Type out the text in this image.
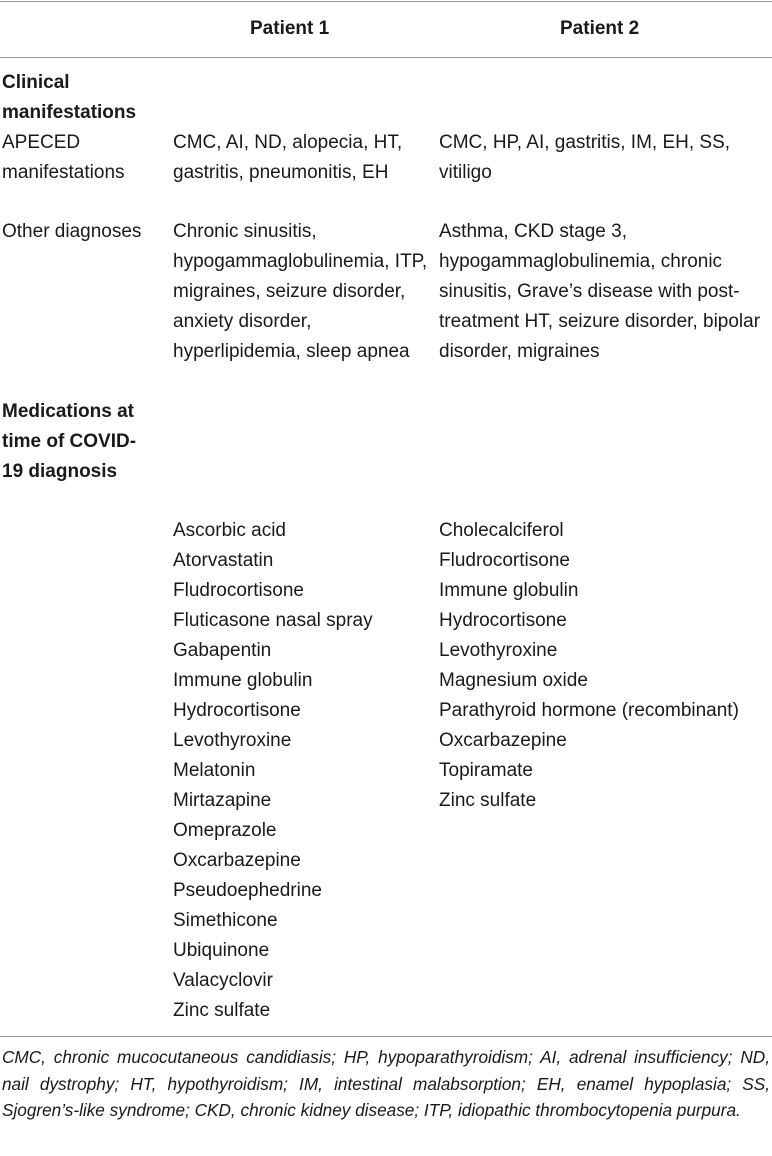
Patient 1	Patient 2
Clinical manifestations
APECED manifestations
CMC, AI, ND, alopecia, HT, gastritis, pneumonitis, EH
CMC, HP, AI, gastritis, IM, EH, SS, vitiligo
Other diagnoses	Chronic sinusitis, hypogammaglobulinemia, ITP, migraines, seizure disorder, anxiety disorder, hyperlipidemia, sleep apnea
Asthma, CKD stage 3, hypogammaglobulinemia, chronic sinusitis, Grave’s disease with post-treatment HT, seizure disorder, bipolar disorder, migraines
Medications at time of COVID-19 diagnosis
Ascorbic acid
Atorvastatin
Fludrocortisone
Fluticasone nasal spray
Gabapentin
Immune globulin
Hydrocortisone
Levothyroxine
Melatonin
Mirtazapine
Omeprazole
Oxcarbazepine
Pseudoephedrine
Simethicone
Ubiquinone
Valacyclovir
Zinc sulfate
Cholecalciferol
Fludrocortisone
Immune globulin
Hydrocortisone
Levothyroxine
Magnesium oxide
Parathyroid hormone (recombinant)
Oxcarbazepine
Topiramate
Zinc sulfate
CMC, chronic mucocutaneous candidiasis; HP, hypoparathyroidism; AI, adrenal insufficiency; ND, nail dystrophy; HT, hypothyroidism; IM, intestinal malabsorption; EH, enamel hypoplasia; SS, Sjogren’s-like syndrome; CKD, chronic kidney disease; ITP, idiopathic thrombocytopenia purpura.
